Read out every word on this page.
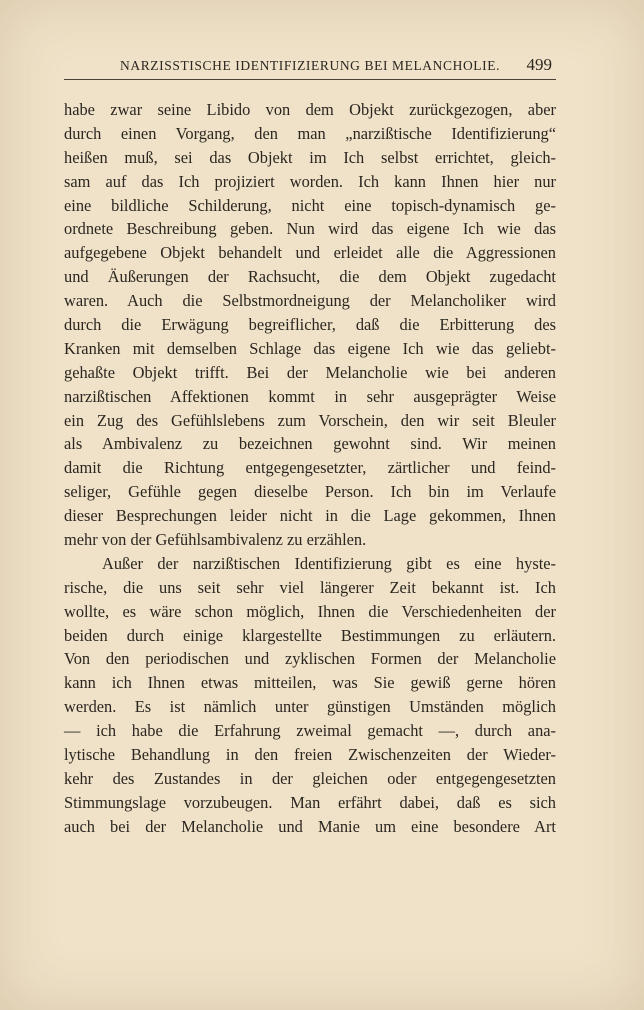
NARZISSTISCHE IDENTIFIZIERUNG BEI MELANCHOLIE. 499
habe zwar seine Libido von dem Objekt zurückgezogen, aber
durch einen Vorgang, den man „narzißtische Identifizierung“
heißen muß, sei das Objekt im Ich selbst errichtet, gleich-
sam auf das Ich projiziert worden. Ich kann Ihnen hier nur
eine bildliche Schilderung, nicht eine topisch-dynamisch ge-
ordnete Beschreibung geben. Nun wird das eigene Ich wie das
aufgegebene Objekt behandelt und erleidet alle die Aggressionen
und Äußerungen der Rachsucht, die dem Objekt zugedacht
waren. Auch die Selbstmordneigung der Melancholiker wird
durch die Erwägung begreiflicher, daß die Erbitterung des
Kranken mit demselben Schlage das eigene Ich wie das geliebt-
gehaßte Objekt trifft. Bei der Melancholie wie bei anderen
narzißtischen Affektionen kommt in sehr ausgeprägter Weise
ein Zug des Gefühlslebens zum Vorschein, den wir seit Bleuler
als Ambivalenz zu bezeichnen gewohnt sind. Wir meinen
damit die Richtung entgegengesetzter, zärtlicher und feind-
seliger, Gefühle gegen dieselbe Person. Ich bin im Verlaufe
dieser Besprechungen leider nicht in die Lage gekommen, Ihnen
mehr von der Gefühlsambivalenz zu erzählen.
Außer der narzißtischen Identifizierung gibt es eine hyste-
rische, die uns seit sehr viel längerer Zeit bekannt ist. Ich
wollte, es wäre schon möglich, Ihnen die Verschiedenheiten der
beiden durch einige klargestellte Bestimmungen zu erläutern.
Von den periodischen und zyklischen Formen der Melancholie
kann ich Ihnen etwas mitteilen, was Sie gewiß gerne hören
werden. Es ist nämlich unter günstigen Umständen möglich
— ich habe die Erfahrung zweimal gemacht —, durch ana-
lytische Behandlung in den freien Zwischenzeiten der Wieder-
kehr des Zustandes in der gleichen oder entgegengesetzten
Stimmungslage vorzubeugen. Man erfährt dabei, daß es sich
auch bei der Melancholie und Manie um eine besondere Art
